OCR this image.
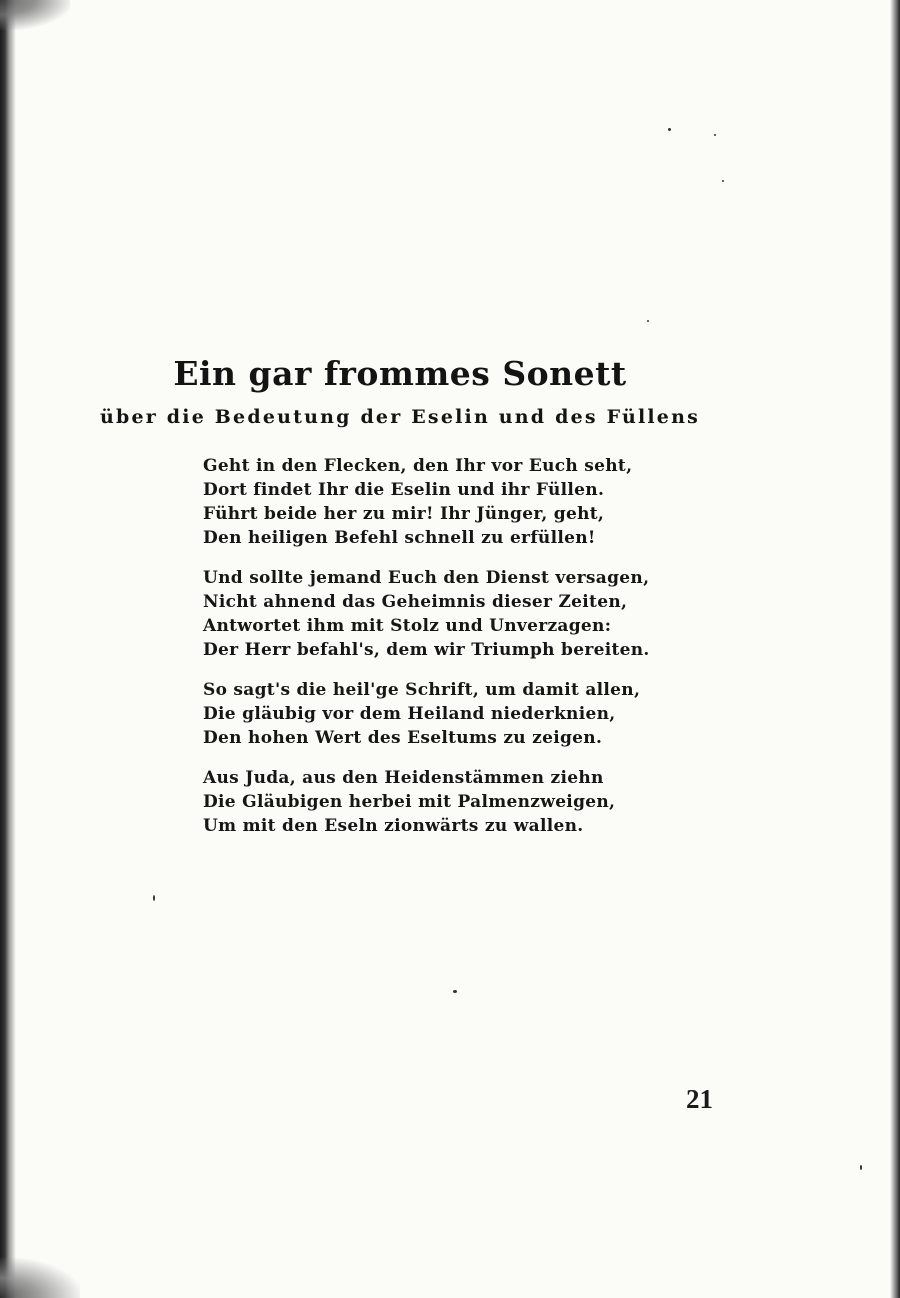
Ein gar frommes Sonett
über die Bedeutung der Eselin und des Füllens
Geht in den Flecken, den Ihr vor Euch seht,
Dort findet Ihr die Eselin und ihr Füllen.
Führt beide her zu mir! Ihr Jünger, geht,
Den heiligen Befehl schnell zu erfüllen!
Und sollte jemand Euch den Dienst versagen,
Nicht ahnend das Geheimnis dieser Zeiten,
Antwortet ihm mit Stolz und Unverzagen:
Der Herr befahl's, dem wir Triumph bereiten.
So sagt's die heil'ge Schrift, um damit allen,
Die gläubig vor dem Heiland niederknien,
Den hohen Wert des Eseltums zu zeigen.
Aus Juda, aus den Heidenstämmen ziehn
Die Gläubigen herbei mit Palmenzweigen,
Um mit den Eseln zionwärts zu wallen.
21
